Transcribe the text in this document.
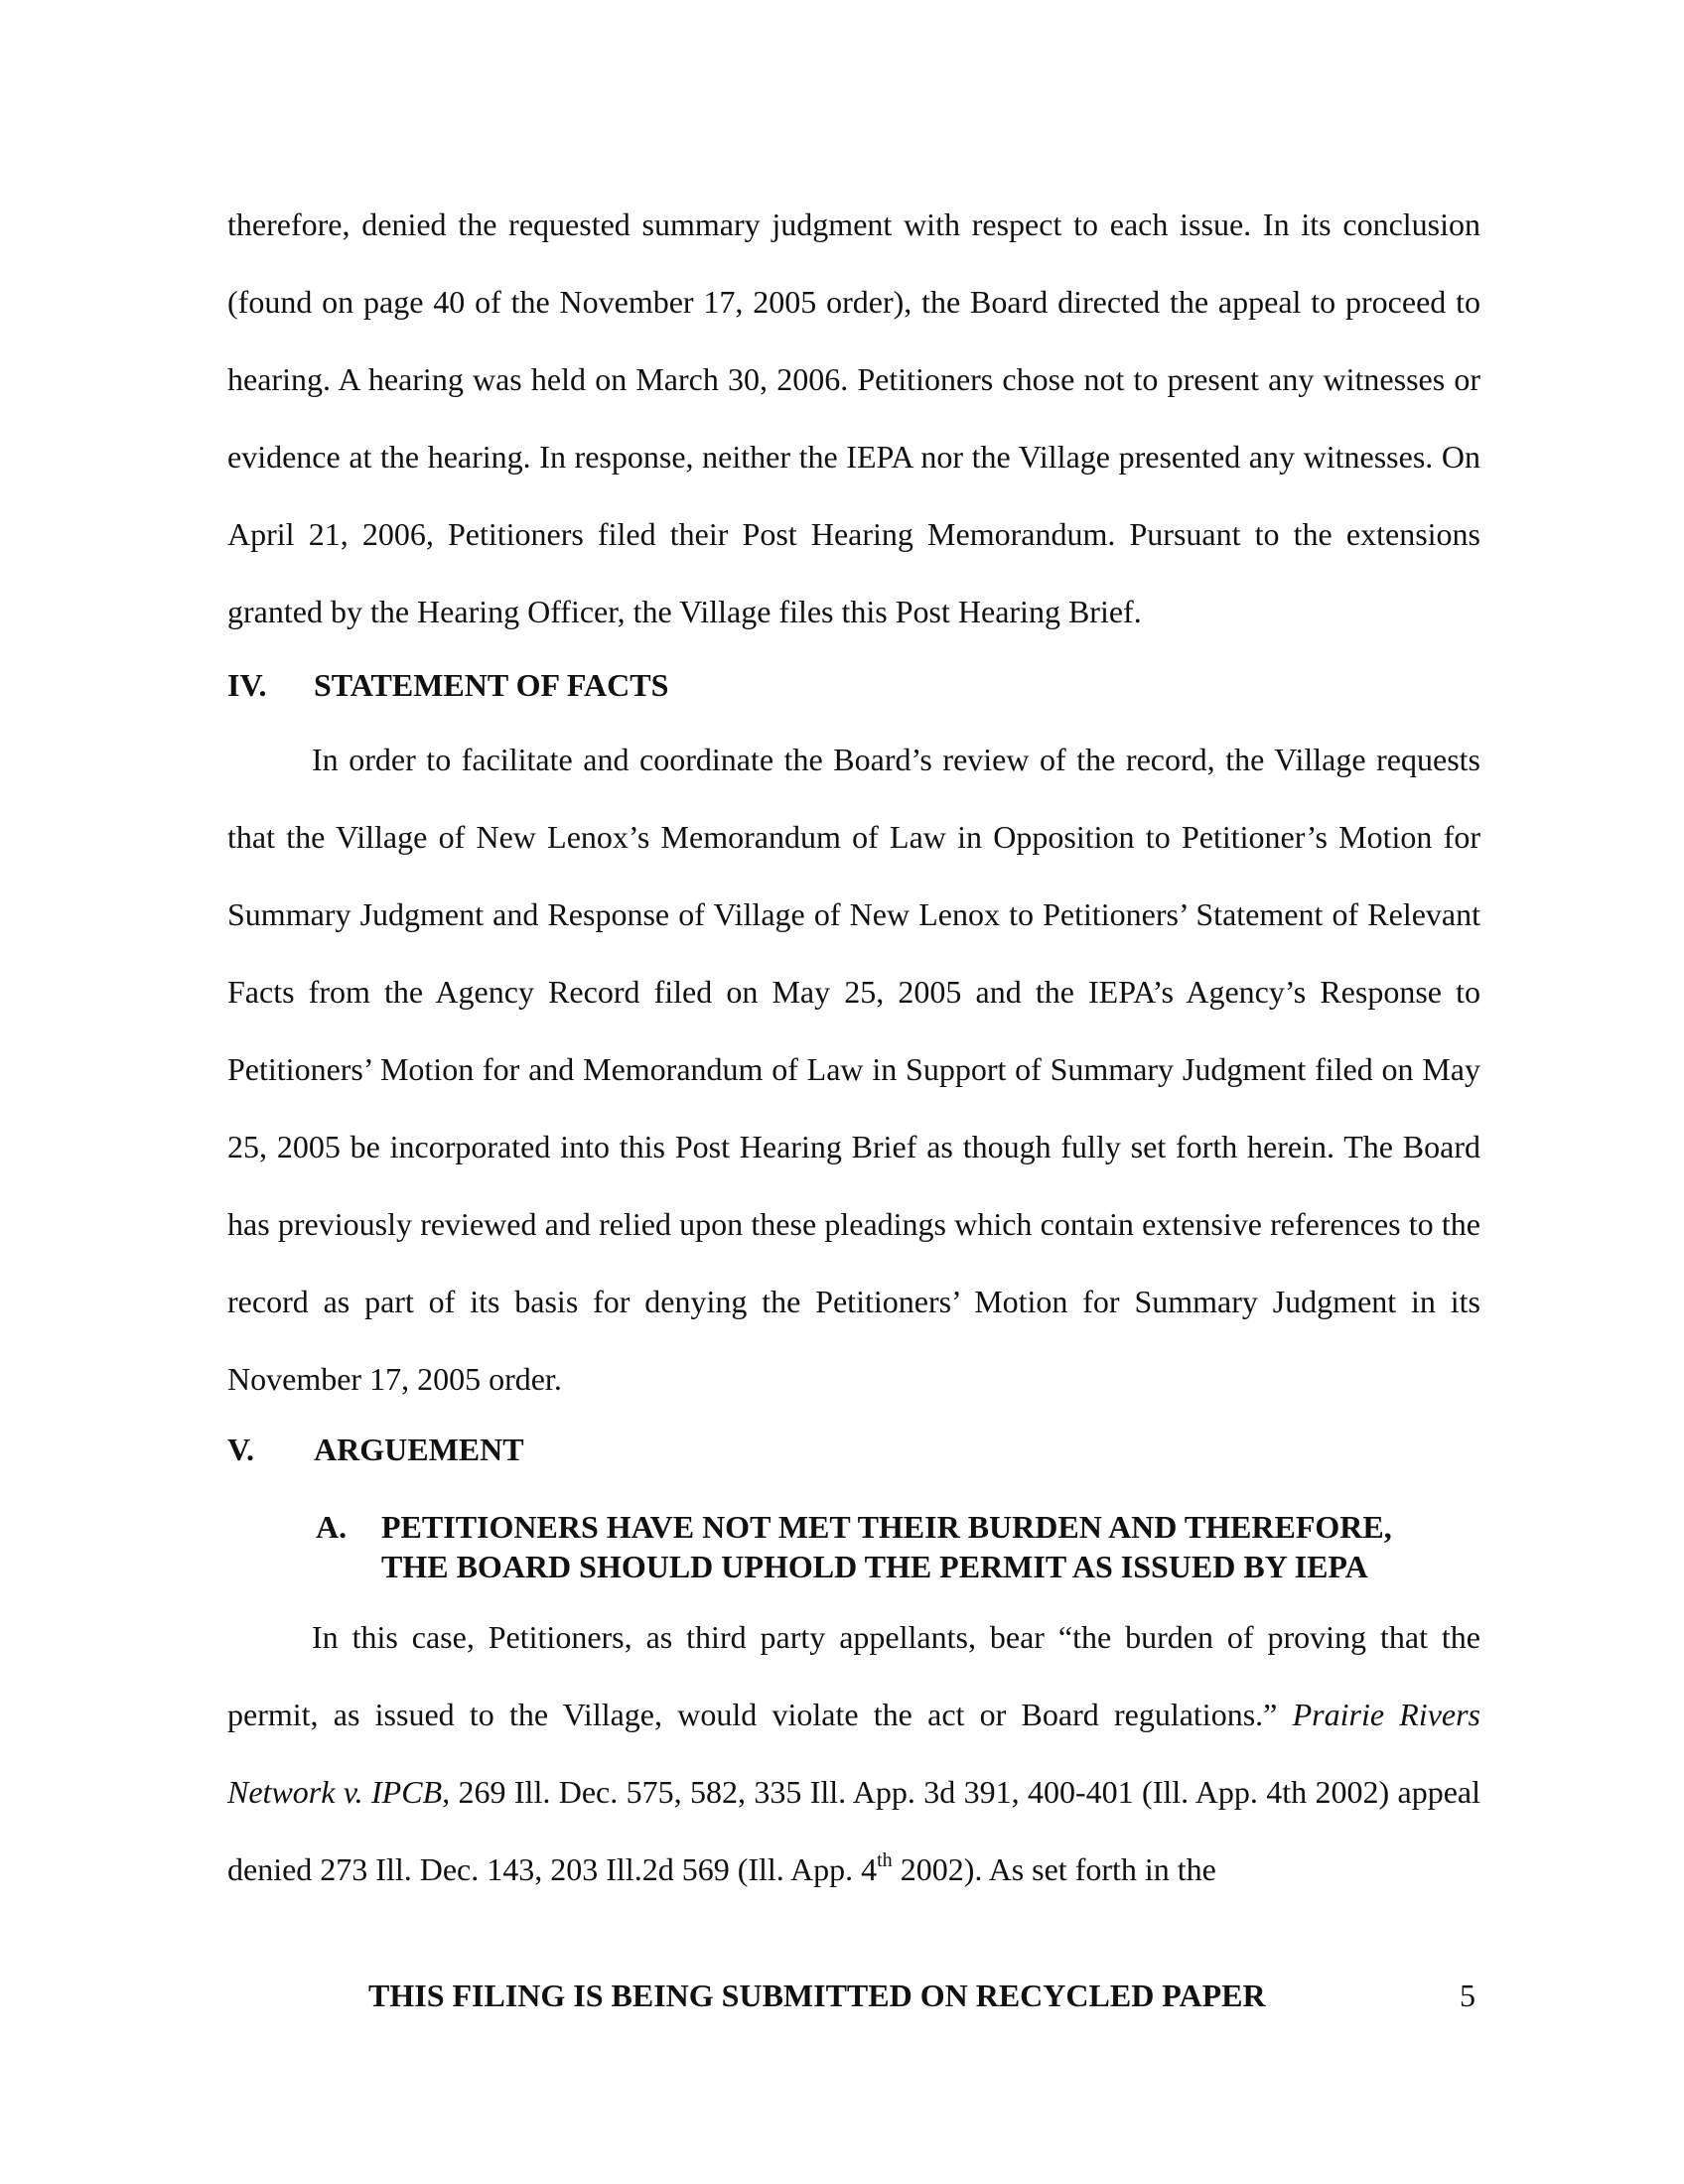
therefore, denied the requested summary judgment with respect to each issue. In its conclusion (found on page 40 of the November 17, 2005 order), the Board directed the appeal to proceed to hearing. A hearing was held on March 30, 2006. Petitioners chose not to present any witnesses or evidence at the hearing. In response, neither the IEPA nor the Village presented any witnesses. On April 21, 2006, Petitioners filed their Post Hearing Memorandum. Pursuant to the extensions granted by the Hearing Officer, the Village files this Post Hearing Brief.

IV. STATEMENT OF FACTS

In order to facilitate and coordinate the Board’s review of the record, the Village requests that the Village of New Lenox’s Memorandum of Law in Opposition to Petitioner’s Motion for Summary Judgment and Response of Village of New Lenox to Petitioners’ Statement of Relevant Facts from the Agency Record filed on May 25, 2005 and the IEPA’s Agency’s Response to Petitioners’ Motion for and Memorandum of Law in Support of Summary Judgment filed on May 25, 2005 be incorporated into this Post Hearing Brief as though fully set forth herein. The Board has previously reviewed and relied upon these pleadings which contain extensive references to the record as part of its basis for denying the Petitioners’ Motion for Summary Judgment in its November 17, 2005 order.

V. ARGUEMENT
A. PETITIONERS HAVE NOT MET THEIR BURDEN AND THEREFORE,
THE BOARD SHOULD UPHOLD THE PERMIT AS ISSUED BY IEPA

In this case, Petitioners, as third party appellants, bear “the burden of proving that the permit, as issued to the Village, would violate the act or Board regulations.” Prairie Rivers Network v. IPCB, 269 Ill. Dec. 575, 582, 335 Ill. App. 3d 391, 400-401 (Ill. App. 4th 2002) appeal denied 273 Ill. Dec. 143, 203 Ill.2d 569 (Ill. App. 4th 2002). As set forth in the

THIS FILING IS BEING SUBMITTED ON RECYCLED PAPER	5
